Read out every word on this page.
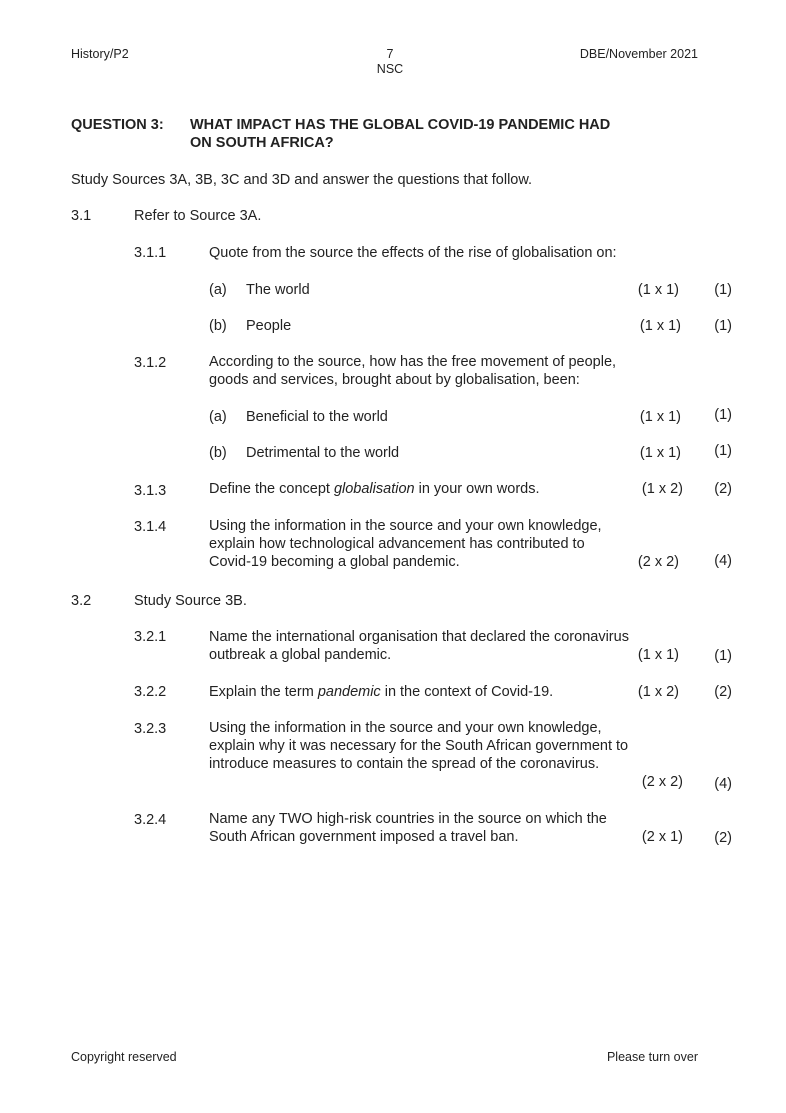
History/P2	7
NSC
DBE/November 2021
QUESTION 3: WHAT IMPACT HAS THE GLOBAL COVID-19 PANDEMIC HAD
ON SOUTH AFRICA?
Study Sources 3A, 3B, 3C and 3D and answer the questions that follow.
3.1	Refer to Source 3A.
3.1.1	Quote from the source the effects of the rise of globalisation on:
(a) The world	(1 x 1) (1)
(b) People	(1 x 1) (1)
3.1.2	According to the source, how has the free movement of people,
goods and services, brought about by globalisation, been:
(a) Beneficial to the world	(1 x 1) (1)
(b) Detrimental to the world	(1 x 1) (1)
3.1.3	Define the concept globalisation in your own words.	(1 x 2) (2)
3.1.4	Using the information in the source and your own knowledge,
explain how technological advancement has contributed to
Covid-19 becoming a global pandemic.	(2 x 2) (4)
3.2	Study Source 3B.
3.2.1	Name the international organisation that declared the coronavirus
outbreak a global pandemic.	(1 x 1) (1)
3.2.2	Explain the term pandemic in the context of Covid-19.	(1 x 2) (2)
3.2.3	Using the information in the source and your own knowledge,
explain why it was necessary for the South African government to
introduce measures to contain the spread of the coronavirus.
(2 x 2) (4)
3.2.4	Name any TWO high-risk countries in the source on which the
South African government imposed a travel ban.	(2 x 1) (2)
Copyright reserved	Please turn over
